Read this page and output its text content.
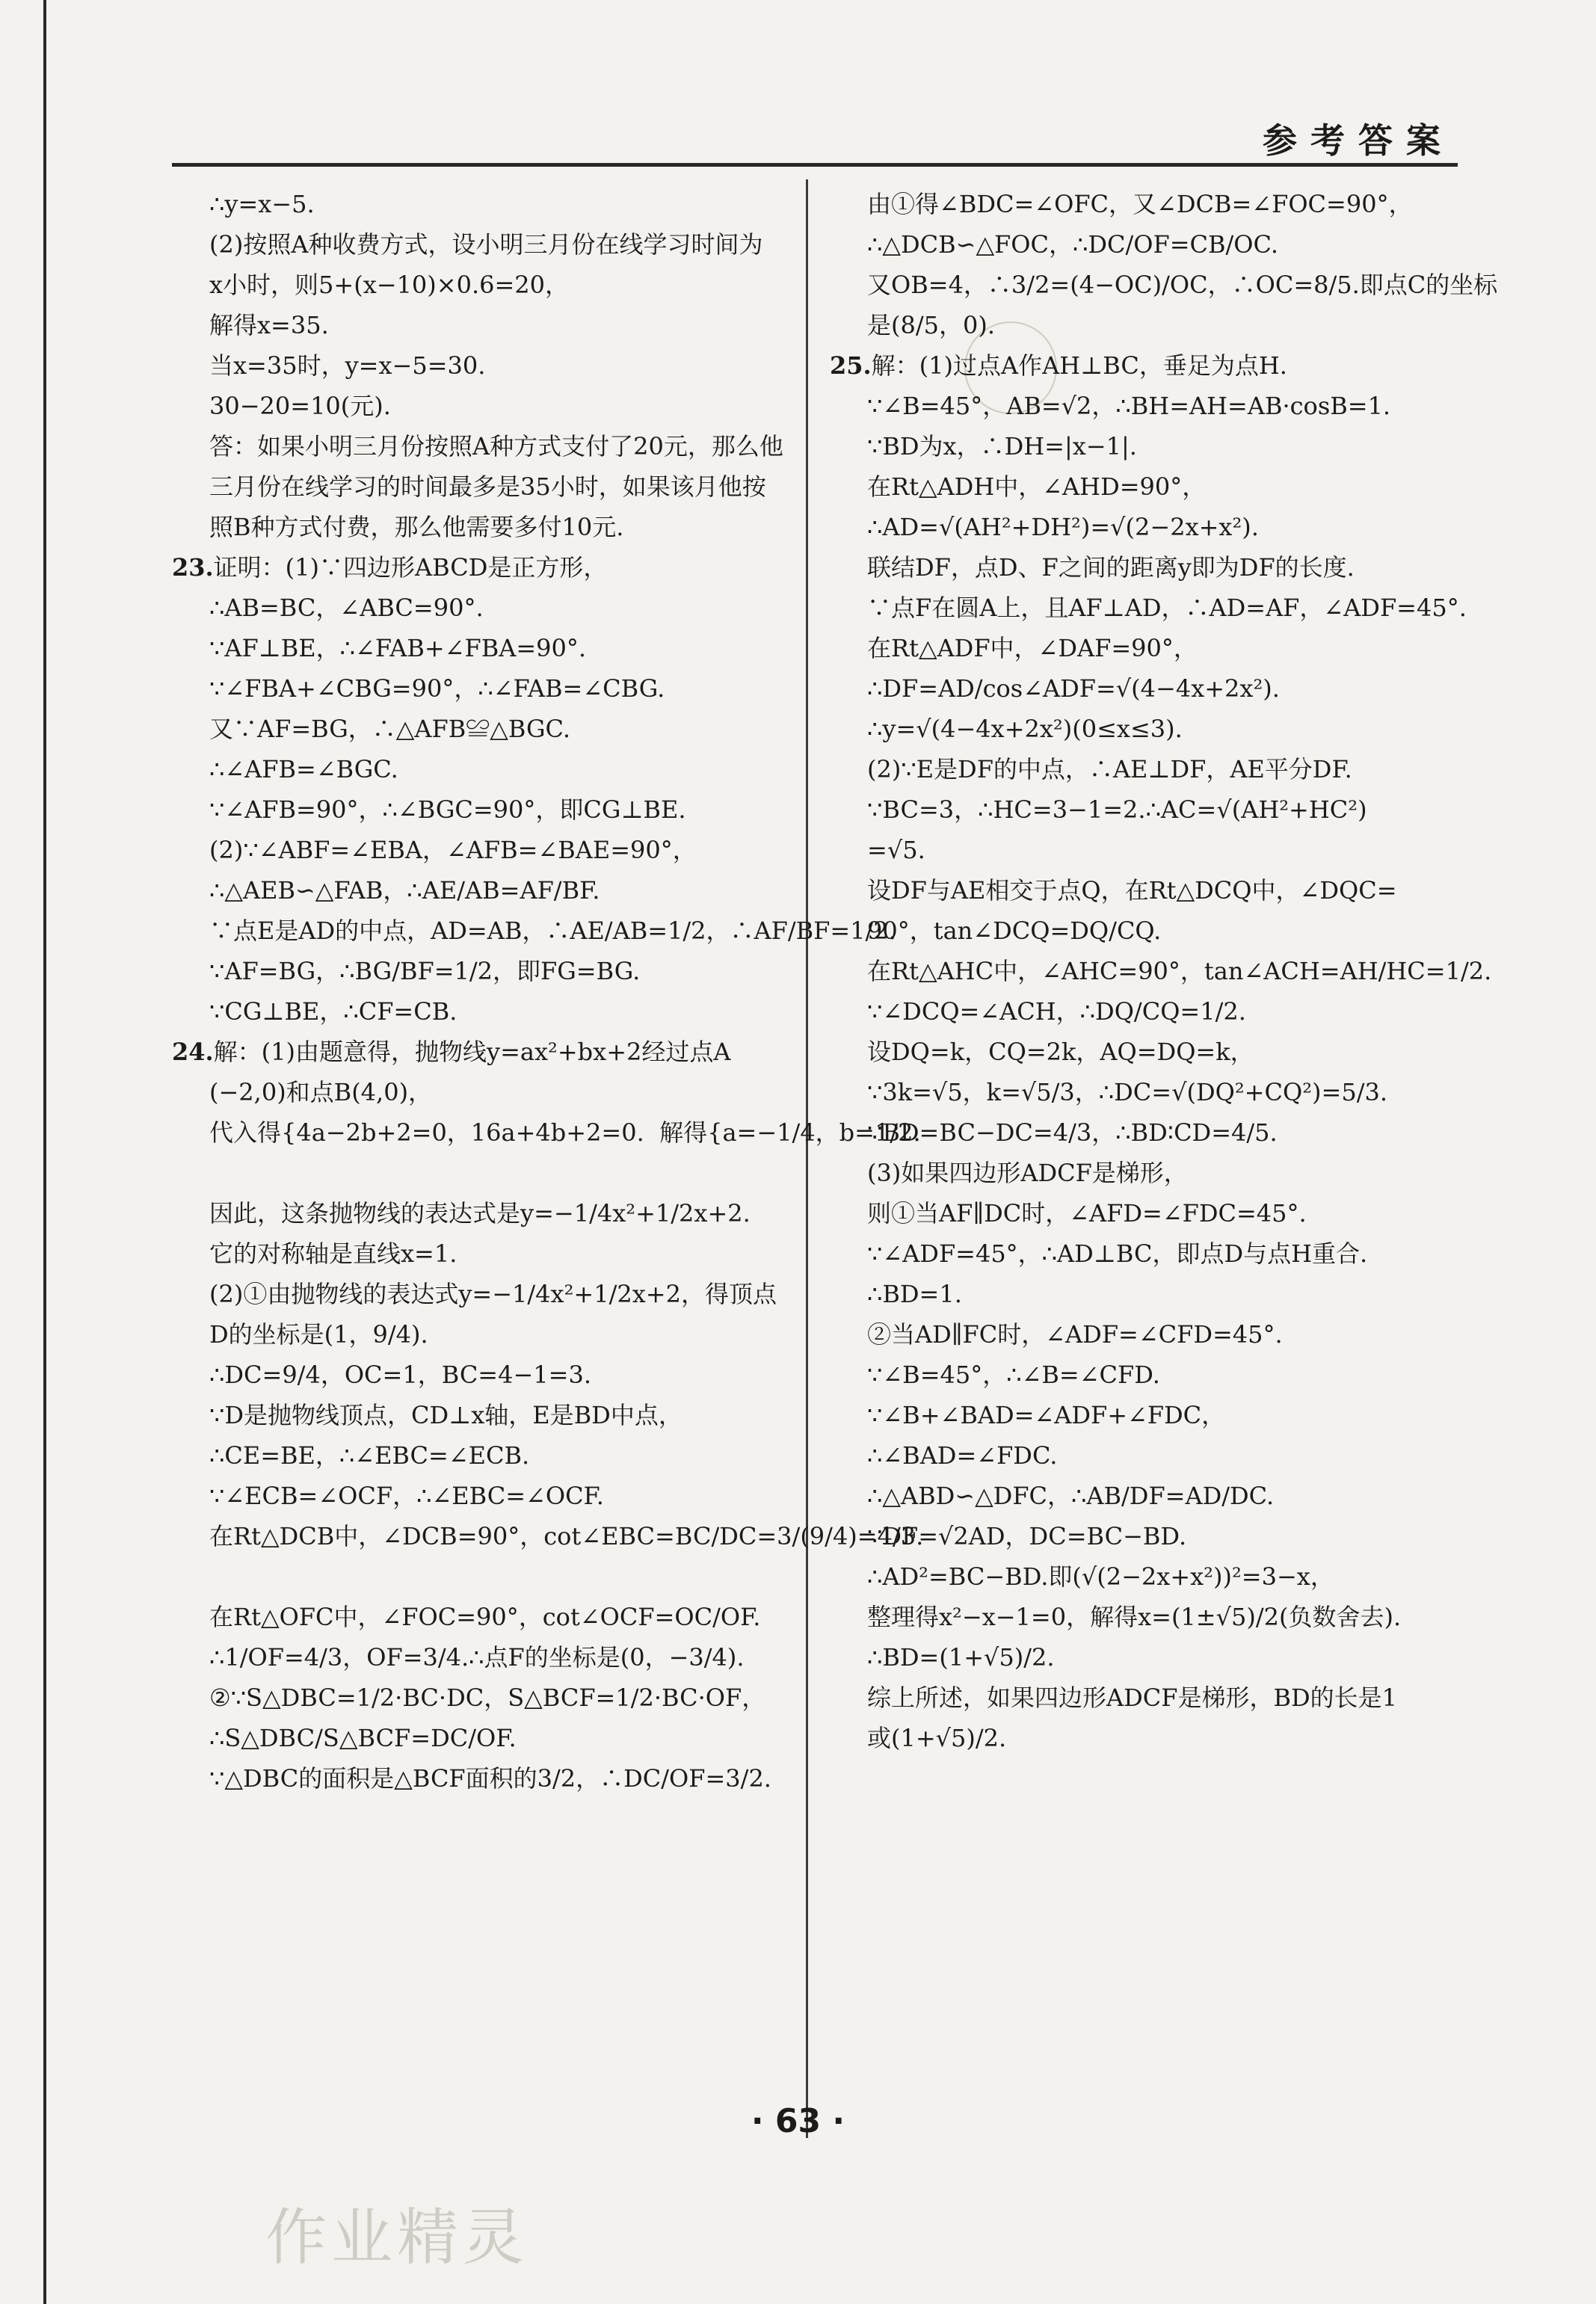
参考答案
∴y=x−5.
(2)按照A种收费方式，设小明三月份在线学习时间为
x小时，则5+(x−10)×0.6=20，
解得x=35.
当x=35时，y=x−5=30.
30−20=10(元).
答：如果小明三月份按照A种方式支付了20元，那么他
三月份在线学习的时间最多是35小时，如果该月他按
照B种方式付费，那么他需要多付10元.
23.证明：(1)∵四边形ABCD是正方形，
∴AB=BC，∠ABC=90°.
∵AF⊥BE，∴∠FAB+∠FBA=90°.
∵∠FBA+∠CBG=90°，∴∠FAB=∠CBG.
又∵AF=BG，∴△AFB≌△BGC.
∴∠AFB=∠BGC.
∵∠AFB=90°，∴∠BGC=90°，即CG⊥BE.
(2)∵∠ABF=∠EBA，∠AFB=∠BAE=90°，
∴△AEB∽△FAB，∴AE/AB=AF/BF.
∵点E是AD的中点，AD=AB，∴AE/AB=1/2，∴AF/BF=1/2.
∵AF=BG，∴BG/BF=1/2，即FG=BG.
∵CG⊥BE，∴CF=CB.
24.解：(1)由题意得，抛物线y=ax²+bx+2经过点A
(−2,0)和点B(4,0)，
代入得{4a−2b+2=0，16a+4b+2=0.  解得{a=−1/4，b=1/2.
因此，这条抛物线的表达式是y=−1/4x²+1/2x+2.
它的对称轴是直线x=1.
(2)①由抛物线的表达式y=−1/4x²+1/2x+2，得顶点
D的坐标是(1，9/4).
∴DC=9/4，OC=1，BC=4−1=3.
∵D是抛物线顶点，CD⊥x轴，E是BD中点，
∴CE=BE，∴∠EBC=∠ECB.
∵∠ECB=∠OCF，∴∠EBC=∠OCF.
在Rt△DCB中，∠DCB=90°，cot∠EBC=BC/DC=3/(9/4)=4/3.
在Rt△OFC中，∠FOC=90°，cot∠OCF=OC/OF.
∴1/OF=4/3，OF=3/4.∴点F的坐标是(0，−3/4).
②∵S△DBC=1/2·BC·DC，S△BCF=1/2·BC·OF，
∴S△DBC/S△BCF=DC/OF.
∵△DBC的面积是△BCF面积的3/2，∴DC/OF=3/2.
由①得∠BDC=∠OFC，又∠DCB=∠FOC=90°，
∴△DCB∽△FOC，∴DC/OF=CB/OC.
又OB=4，∴3/2=(4−OC)/OC，∴OC=8/5.即点C的坐标
是(8/5，0).
25.解：(1)过点A作AH⊥BC，垂足为点H.
∵∠B=45°，AB=√2，∴BH=AH=AB·cosB=1.
∵BD为x，∴DH=|x−1|.
在Rt△ADH中，∠AHD=90°，
∴AD=√(AH²+DH²)=√(2−2x+x²).
联结DF，点D、F之间的距离y即为DF的长度.
∵点F在圆A上，且AF⊥AD，∴AD=AF，∠ADF=45°.
在Rt△ADF中，∠DAF=90°，
∴DF=AD/cos∠ADF=√(4−4x+2x²).
∴y=√(4−4x+2x²)(0≤x≤3).
(2)∵E是DF的中点，∴AE⊥DF，AE平分DF.
∵BC=3，∴HC=3−1=2.∴AC=√(AH²+HC²)
=√5.
设DF与AE相交于点Q，在Rt△DCQ中，∠DQC=
90°，tan∠DCQ=DQ/CQ.
在Rt△AHC中，∠AHC=90°，tan∠ACH=AH/HC=1/2.
∵∠DCQ=∠ACH，∴DQ/CQ=1/2.
设DQ=k，CQ=2k，AQ=DQ=k，
∵3k=√5，k=√5/3，∴DC=√(DQ²+CQ²)=5/3.
∵BD=BC−DC=4/3，∴BD∶CD=4/5.
(3)如果四边形ADCF是梯形，
则①当AF∥DC时，∠AFD=∠FDC=45°.
∵∠ADF=45°，∴AD⊥BC，即点D与点H重合.
∴BD=1.
②当AD∥FC时，∠ADF=∠CFD=45°.
∵∠B=45°，∴∠B=∠CFD.
∵∠B+∠BAD=∠ADF+∠FDC，
∴∠BAD=∠FDC.
∴△ABD∽△DFC，∴AB/DF=AD/DC.
∵DF=√2AD，DC=BC−BD.
∴AD²=BC−BD.即(√(2−2x+x²))²=3−x，
整理得x²−x−1=0，解得x=(1±√5)/2(负数舍去).
∴BD=(1+√5)/2.
综上所述，如果四边形ADCF是梯形，BD的长是1
或(1+√5)/2.
· 63 ·
作业精灵
